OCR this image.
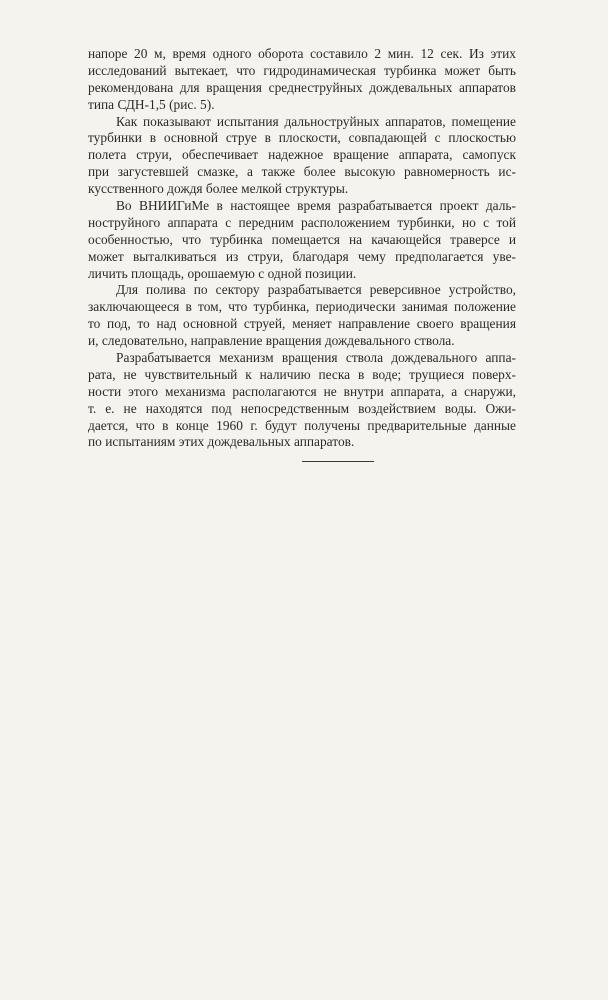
напоре 20 м, время одного оборота составило 2 мин. 12 сек. Из этих
исследований вытекает, что гидродинамическая турбинка может быть
рекомендована для вращения среднеструйных дождевальных аппаратов
типа СДН-1,5 (рис. 5).
Как показывают испытания дальноструйных аппаратов, помещение
турбинки в основной струе в плоскости, совпадающей с плоскостью
полета струи, обеспечивает надежное вращение аппарата, самопуск
при загустевшей смазке, а также более высокую равномерность ис-
кусственного дождя более мелкой структуры.
Во ВНИИГиМе в настоящее время разрабатывается проект даль-
ноструйного аппарата с передним расположением турбинки, но с той
особенностью, что турбинка помещается на качающейся траверсе и
может выталкиваться из струи, благодаря чему предполагается уве-
личить площадь, орошаемую с одной позиции.
Для полива по сектору разрабатывается реверсивное устройство,
заключающееся в том, что турбинка, периодически занимая положение
то под, то над основной струей, меняет направление своего вращения
и, следовательно, направление вращения дождевального ствола.
Разрабатывается механизм вращения ствола дождевального аппа-
рата, не чувствительный к наличию песка в воде; трущиеся поверх-
ности этого механизма располагаются не внутри аппарата, а снаружи,
т. е. не находятся под непосредственным воздействием воды. Ожи-
дается, что в конце 1960 г. будут получены предварительные данные
по испытаниям этих дождевальных аппаратов.
